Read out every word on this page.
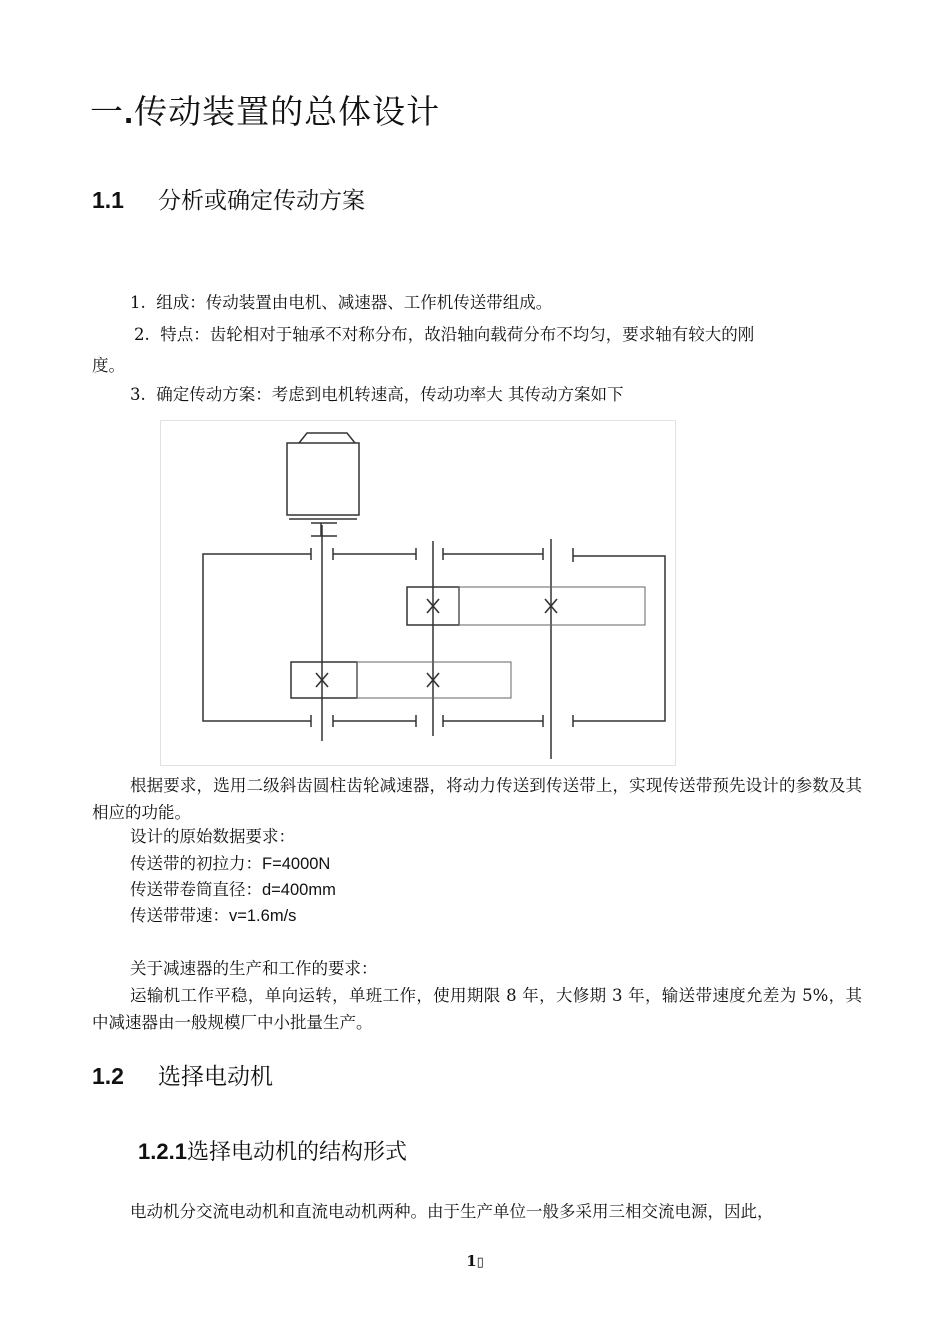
一.传动装置的总体设计
1.1 分析或确定传动方案
1. 组成：传动装置由电机、减速器、工作机传送带组成。
2. 特点：齿轮相对于轴承不对称分布，故沿轴向载荷分布不均匀，要求轴有较大的刚
度。
3. 确定传动方案：考虑到电机转速高，传动功率大 其传动方案如下
根据要求，选用二级斜齿圆柱齿轮减速器，将动力传送到传送带上，实现传送带预先设计的参数及其相应的功能。
设计的原始数据要求：
传送带的初拉力：F=4000N
传送带卷筒直径：d=400mm
传送带带速：v=1.6m/s
关于减速器的生产和工作的要求：
运输机工作平稳，单向运转，单班工作，使用期限 8 年，大修期 3 年，输送带速度允差为 5%，其中减速器由一般规模厂中小批量生产。
1.2 选择电动机
1.2.1选择电动机的结构形式
电动机分交流电动机和直流电动机两种。由于生产单位一般多采用三相交流电源，因此，
1▯
